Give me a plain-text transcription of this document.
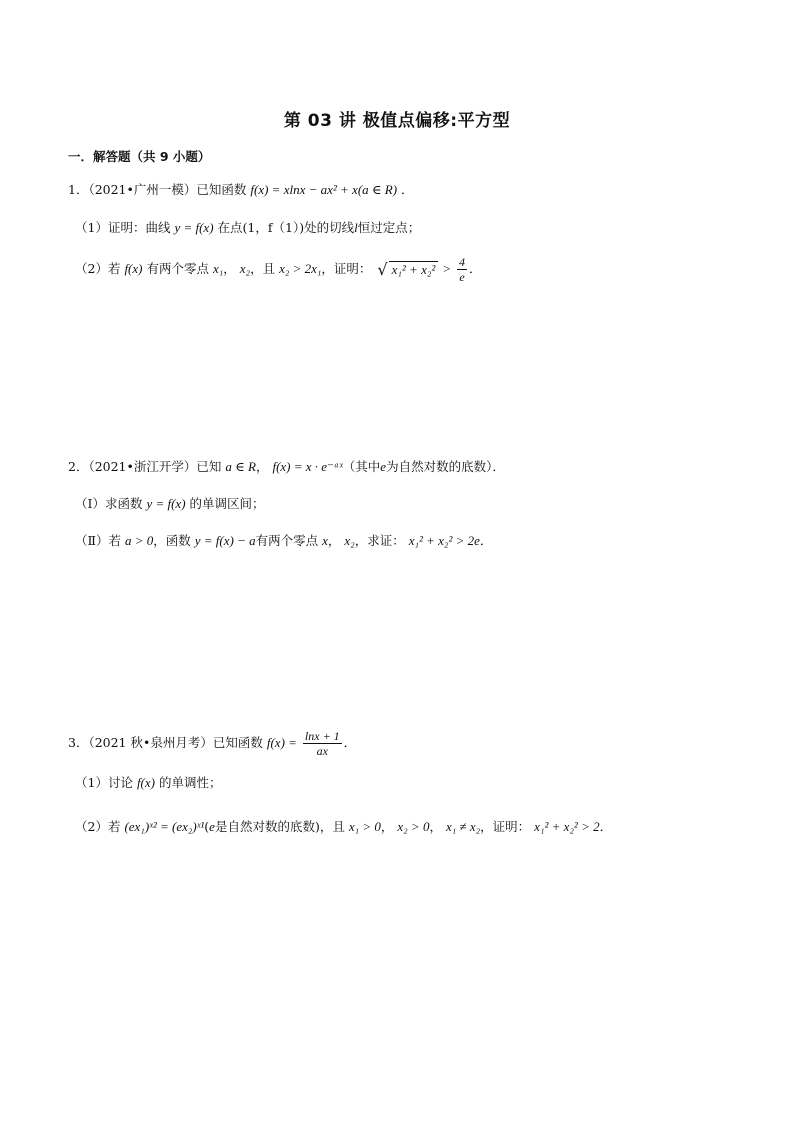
第 03 讲 极值点偏移:平方型
一．解答题（共 9 小题）
1．（2021•广州一模）已知函数 f(x) = xlnx − ax² + x(a ∈ R) ．
（1）证明：曲线 y = f(x) 在点(1，f（1）)处的切线l恒过定点；
（2）若 f(x) 有两个零点 x₁， x₂，且 x₂ > 2x₁，证明： √ $x_1^2 + x_2^2 > \frac{4}{e}$ ．
2．（2021•浙江开学）已知 a ∈ R， f(x) = x · e⁻ᵃˣ（其中e为自然对数的底数）．
（Ⅰ）求函数 y = f(x) 的单调区间；
（Ⅱ）若 a > 0，函数 y = f(x) − a有两个零点 x， x₂，求证： x₁² + x₂² > 2e．
3．（2021 秋•泉州月考）已知函数 $f(x) = \frac{\ln x + 1}{ax}$ ．
（1）讨论 f(x) 的单调性；
（2）若 (ex₁)ˣ² = (ex₂)ˣ¹(e是自然对数的底数)，且 x₁ > 0， x₂ > 0， x₁ ≠ x₂，证明： x₁² + x₂² > 2．
